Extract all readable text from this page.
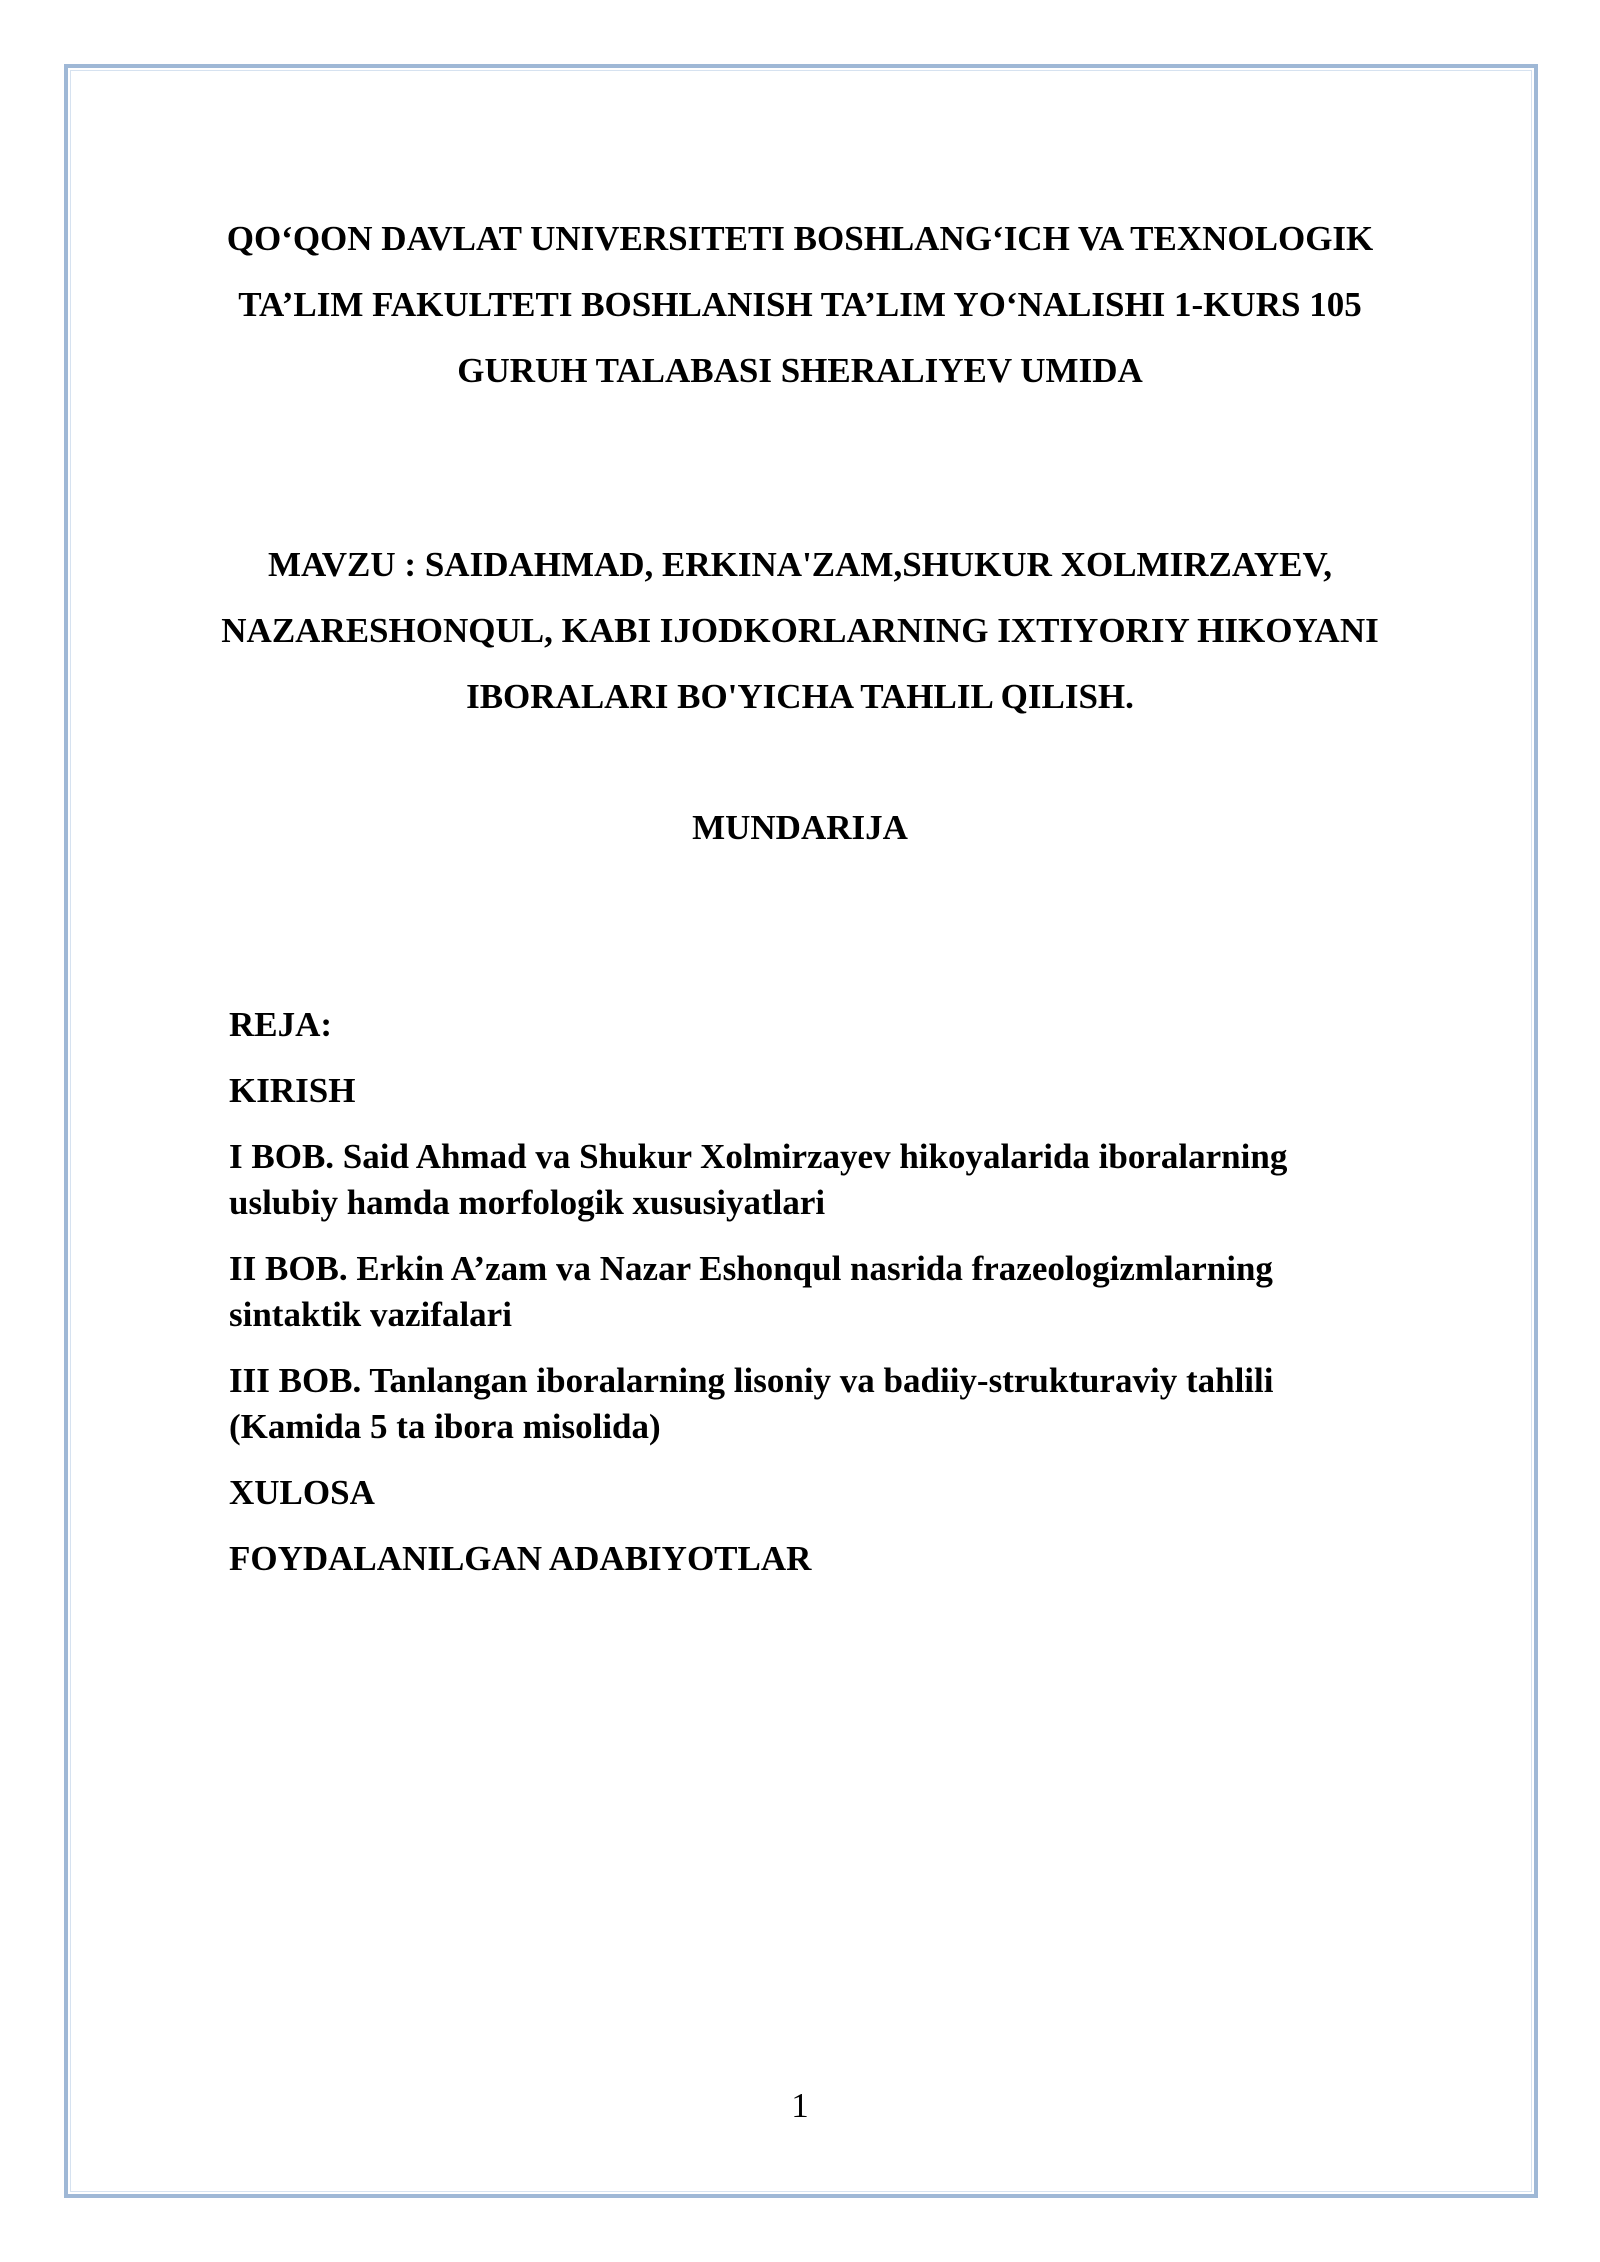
QO‘QON DAVLAT UNIVERSITETI BOSHLANG‘ICH VA TEXNOLOGIK
TA’LIM FAKULTETI BOSHLANISH TA’LIM YO‘NALISHI 1-KURS 105
GURUH TALABASI SHERALIYEV UMIDA
MAVZU : SAIDAHMAD, ERKINA'ZAM,SHUKUR XOLMIRZAYEV,
NAZARESHONQUL, KABI IJODKORLARNING IXTIYORIY HIKOYANI
IBORALARI BO'YICHA TAHLIL QILISH.
MUNDARIJA
REJA:
KIRISH
I BOB. Said Ahmad va Shukur Xolmirzayev hikoyalarida iboralarning
uslubiy hamda morfologik xususiyatlari
II BOB. Erkin A’zam va Nazar Eshonqul nasrida frazeologizmlarning
sintaktik vazifalari
III BOB. Tanlangan iboralarning lisoniy va badiiy-strukturaviy tahlili
(Kamida 5 ta ibora misolida)
XULOSA
FOYDALANILGAN ADABIYOTLAR
1
